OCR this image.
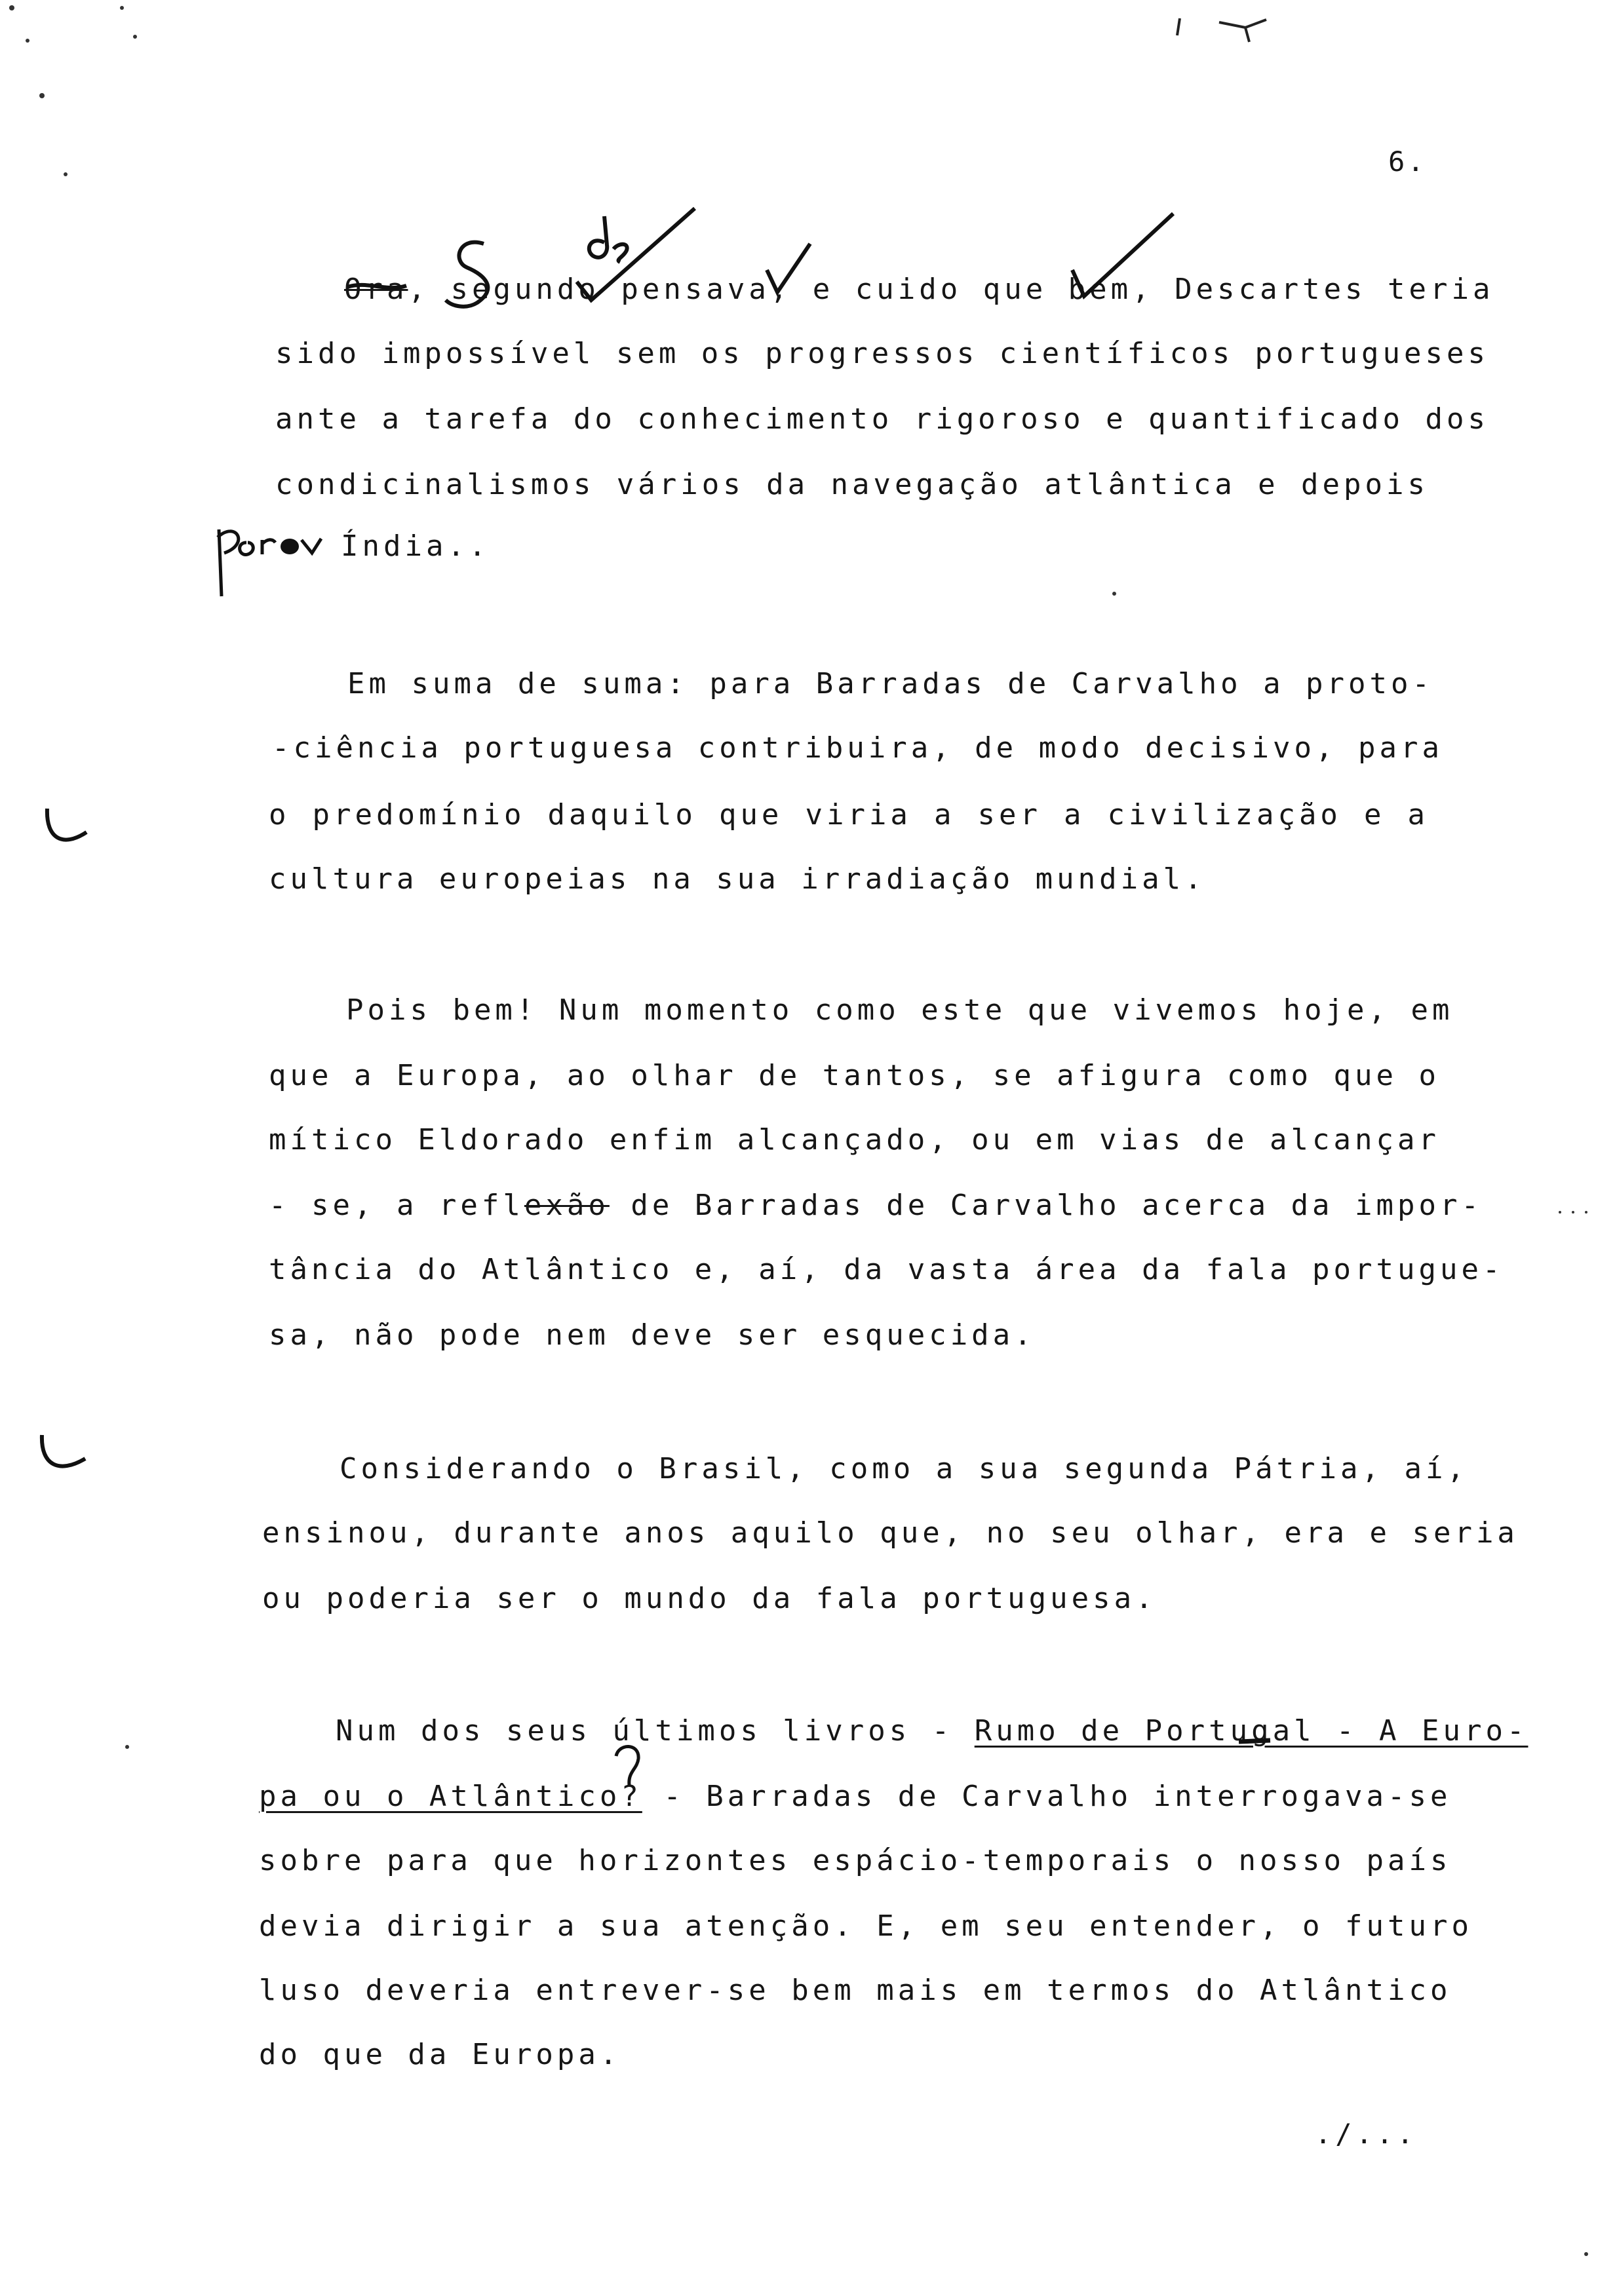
6.
Ora, segundo pensava, e cuido que bem, Descartes teria
sido impossível sem os progressos científicos portugueses
ante a tarefa do conhecimento rigoroso e quantificado dos
condicinalismos vários da navegação atlântica e depois
Índia..
Em suma de suma: para Barradas de Carvalho a proto-
-ciência portuguesa contribuira, de modo decisivo, para
o predomínio daquilo que viria a ser a civilização e a
cultura europeias na sua irradiação mundial.
Pois bem! Num momento como este que vivemos hoje, em
que a Europa, ao olhar de tantos, se afigura como que o
mítico Eldorado enfim alcançado, ou em vias de alcançar
- se, a reflexão de Barradas de Carvalho acerca da impor-
tância do Atlântico e, aí, da vasta área da fala portugue-
sa, não pode nem deve ser esquecida.
Considerando o Brasil, como a sua segunda Pátria, aí,
ensinou, durante anos aquilo que, no seu olhar, era e seria
ou poderia ser o mundo da fala portuguesa.
Num dos seus últimos livros - Rumo de Portugal - A Euro-
pa ou o Atlântico? - Barradas de Carvalho interrogava-se
sobre para que horizontes espácio-temporais o nosso país
devia dirigir a sua atenção. E, em seu entender, o futuro
luso deveria entrever-se bem mais em termos do Atlântico
do que da Europa.
./...
